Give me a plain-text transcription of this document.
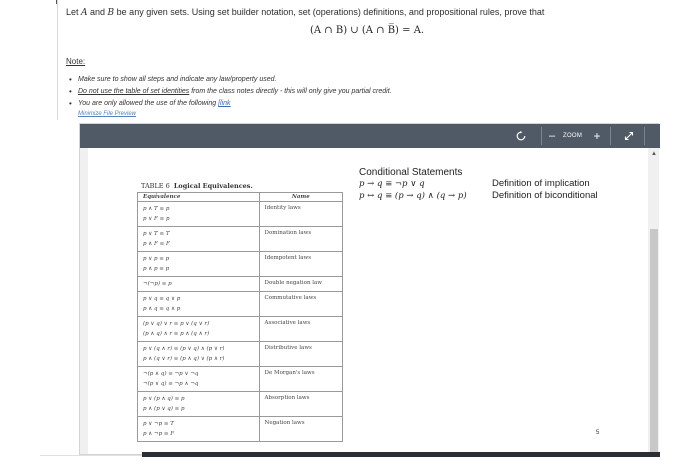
Let A and B be any given sets. Using set builder notation, set (operations) definitions, and propositional rules, prove that
(A ∩ B) ∪ (A ∩ B̅) = A.
Note:
• Make sure to show all steps and indicate any law/property used.
• Do not use the table of set identities from the class notes directly - this will only give you partial credit.
• You are only allowed the use of the following [link
Minimize File Preview
–	ZOOM +
TABLE 6 Logical Equivalences.
Equivalence	Name

p ∧ T ≡ p
p ∨ F ≡ p	Identity laws

p ∨ T ≡ T
p ∧ F ≡ F	Domination laws

p ∨ p ≡ p
p ∧ p ≡ p	Idempotent laws

¬(¬p) ≡ p	Double negation law

p ∨ q ≡ q ∨ p
p ∧ q ≡ q ∧ p	Commutative laws

(p ∨ q) ∨ r ≡ p ∨ (q ∨ r)
(p ∧ q) ∧ r ≡ p ∧ (q ∧ r)	Associative laws

p ∨ (q ∧ r) ≡ (p ∨ q) ∧ (p ∨ r)
p ∧ (q ∨ r) ≡ (p ∧ q) ∨ (p ∧ r)	Distributive laws

¬(p ∧ q) ≡ ¬p ∨ ¬q
¬(p ∨ q) ≡ ¬p ∧ ¬q	De Morgan's laws

p ∨ (p ∧ q) ≡ p
p ∧ (p ∨ q) ≡ p	Absorption laws

p ∨ ¬p ≡ T
p ∧ ¬p ≡ F	Negation laws
Conditional Statements
p → q ≡ ¬p ∨ q	Definition of implication
p ↔ q ≡ (p → q) ∧ (q → p)	Definition of biconditional
5
▲
